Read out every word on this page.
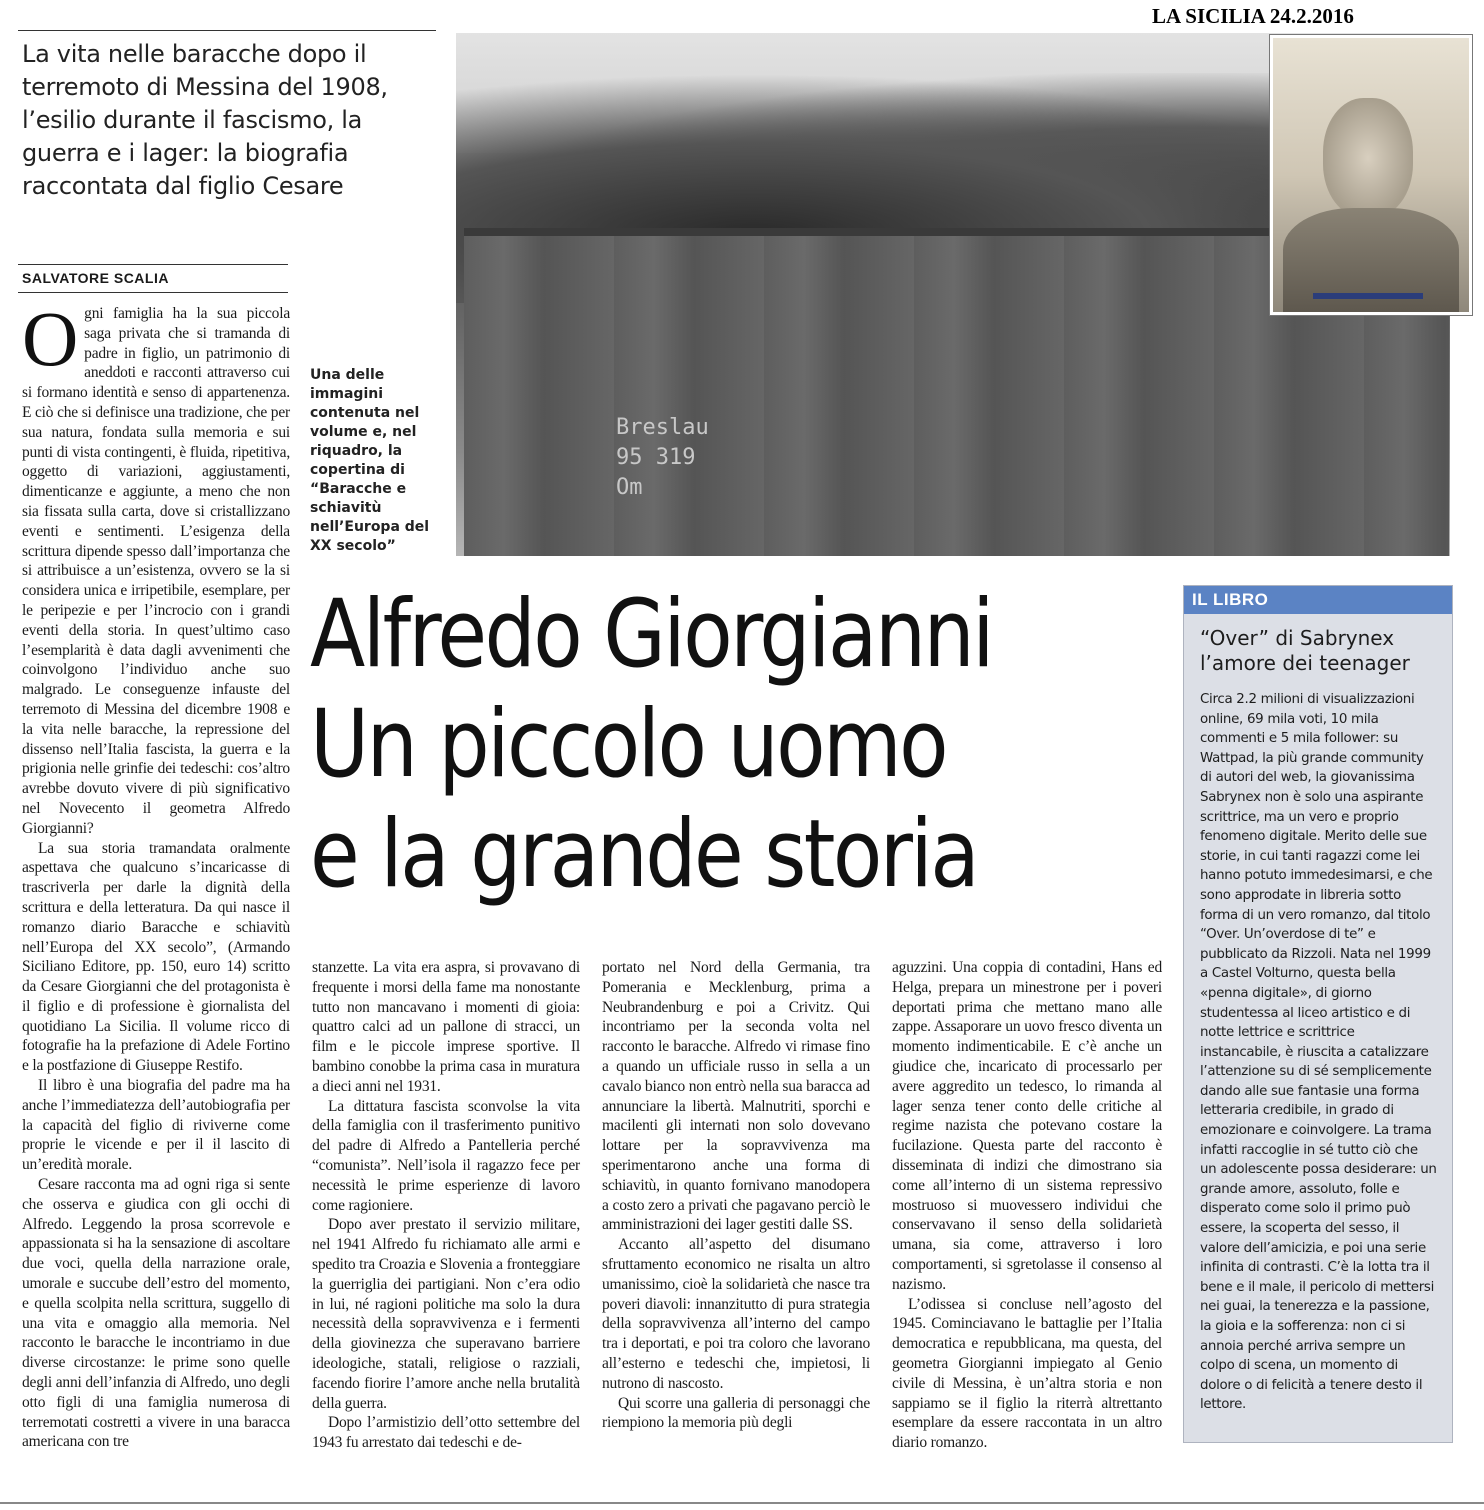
LA SICILIA 24.2.2016
La vita nelle baracche dopo il terremoto di Messina del 1908, l’esilio durante il fascismo, la guerra e i lager: la biografia raccontata dal figlio Cesare
SALVATORE SCALIA
Breslau
95 319
Om
Una delle immagini contenuta nel volume e, nel riquadro, la copertina di “Baracche e schiavitù nell’Europa del XX secolo”
Alfredo Giorgianni
Un piccolo uomo
e la grande storia

Ogni famiglia ha la sua piccola saga privata che si tramanda di padre in figlio, un patrimonio di aneddoti e racconti attraverso cui si formano identità e senso di appartenenza. E ciò che si definisce una tradizione, che per sua natura, fondata sulla memoria e sui punti di vista contingenti, è fluida, ripetitiva, oggetto di variazioni, aggiustamenti, dimenticanze e aggiunte, a meno che non sia fissata sulla carta, dove si cristallizzano eventi e sentimenti. L’esigenza della scrittura dipende spesso dall’importanza che si attribuisce a un’esistenza, ovvero se la si considera unica e irripetibile, esemplare, per le peripezie e per l’incrocio con i grandi eventi della storia. In quest’ultimo caso l’esemplarità è data dagli avvenimenti che coinvolgono l’individuo anche suo malgrado. Le conseguenze infauste del terremoto di Messina del dicembre 1908 e la vita nelle baracche, la repressione del dissenso nell’Italia fascista, la guerra e la prigionia nelle grinfie dei tedeschi: cos’altro avrebbe dovuto vivere di più significativo nel Novecento il geometra Alfredo Giorgianni?

La sua storia tramandata oralmente aspettava che qualcuno s’incaricasse di trascriverla per darle la dignità della scrittura e della letteratura. Da qui nasce il romanzo diario Baracche e schiavitù nell’Europa del XX secolo”, (Armando Siciliano Editore, pp. 150, euro 14) scritto da Cesare Giorgianni che del protagonista è il figlio e di professione è giornalista del quotidiano La Sicilia. Il volume ricco di fotografie ha la prefazione di Adele Fortino e la postfazione di Giuseppe Restifo.

Il libro è una biografia del padre ma ha anche l’immediatezza dell’autobiografia per la capacità del figlio di riviverne come proprie le vicende e per il il lascito di un’eredità morale.

Cesare racconta ma ad ogni riga si sente che osserva e giudica con gli occhi di Alfredo. Leggendo la prosa scorrevole e appassionata si ha la sensazione di ascoltare due voci, quella della narrazione orale, umorale e succube dell’estro del momento, e quella scolpita nella scrittura, suggello di una vita e omaggio alla memoria. Nel racconto le baracche le incontriamo in due diverse circostanze: le prime sono quelle degli anni dell’infanzia di Alfredo, uno degli otto figli di una famiglia numerosa di terremotati costretti a vivere in una baracca americana con tre

stanzette. La vita era aspra, si provavano di frequente i morsi della fame ma nonostante tutto non mancavano i momenti di gioia: quattro calci ad un pallone di stracci, un film e le piccole imprese sportive. Il bambino conobbe la prima casa in muratura a dieci anni nel 1931.

La dittatura fascista sconvolse la vita della famiglia con il trasferimento punitivo del padre di Alfredo a Pantelleria perché “comunista”. Nell’isola il ragazzo fece per necessità le prime esperienze di lavoro come ragioniere.

Dopo aver prestato il servizio militare, nel 1941 Alfredo fu richiamato alle armi e spedito tra Croazia e Slovenia a fronteggiare la guerriglia dei partigiani. Non c’era odio in lui, né ragioni politiche ma solo la dura necessità della sopravvivenza e i fermenti della giovinezza che superavano barriere ideologiche, statali, religiose o razziali, facendo fiorire l’amore anche nella brutalità della guerra.

Dopo l’armistizio dell’otto settembre del 1943 fu arrestato dai tedeschi e de-

portato nel Nord della Germania, tra Pomerania e Mecklenburg, prima a Neubrandenburg e poi a Crivitz. Qui incontriamo per la seconda volta nel racconto le baracche. Alfredo vi rimase fino a quando un ufficiale russo in sella a un cavalo bianco non entrò nella sua baracca ad annunciare la libertà. Malnutriti, sporchi e macilenti gli internati non solo dovevano lottare per la sopravvivenza ma sperimentarono anche una forma di schiavitù, in quanto fornivano manodopera a costo zero a privati che pagavano perciò le amministrazioni dei lager gestiti dalle SS.

Accanto all’aspetto del disumano sfruttamento economico ne risalta un altro umanissimo, cioè la solidarietà che nasce tra poveri diavoli: innanzitutto di pura strategia della sopravvivenza all’interno del campo tra i deportati, e poi tra coloro che lavorano all’esterno e tedeschi che, impietosi, li nutrono di nascosto.

Qui scorre una galleria di personaggi che riempiono la memoria più degli

aguzzini. Una coppia di contadini, Hans ed Helga, prepara un minestrone per i poveri deportati prima che mettano mano alle zappe. Assaporare un uovo fresco diventa un momento indimenticabile. E c’è anche un giudice che, incaricato di processarlo per avere aggredito un tedesco, lo rimanda al lager senza tener conto delle critiche al regime nazista che potevano costare la fucilazione. Questa parte del racconto è disseminata di indizi che dimostrano sia come all’interno di un sistema repressivo mostruoso si muovessero individui che conservavano il senso della solidarietà umana, sia come, attraverso i loro comportamenti, si sgretolasse il consenso al nazismo.

L’odissea si concluse nell’agosto del 1945. Cominciavano le battaglie per l’Italia democratica e repubblicana, ma questa, del geometra Giorgianni impiegato al Genio civile di Messina, è un’altra storia e non sappiamo se il figlio la riterrà altrettanto esemplare da essere raccontata in un altro diario romanzo.

IL LIBRO
“Over” di Sabrynex l’amore dei teenager
Circa 2.2 milioni di visualizzazioni online, 69 mila voti, 10 mila commenti e 5 mila follower: su Wattpad, la più grande community di autori del web, la giovanissima Sabrynex non è solo una aspirante scrittrice, ma un vero e proprio fenomeno digitale. Merito delle sue storie, in cui tanti ragazzi come lei hanno potuto immedesimarsi, e che sono approdate in libreria sotto forma di un vero romanzo, dal titolo “Over. Un’overdose di te” e pubblicato da Rizzoli. Nata nel 1999 a Castel Volturno, questa bella «penna digitale», di giorno studentessa al liceo artistico e di notte lettrice e scrittrice instancabile, è riuscita a catalizzare l’attenzione su di sé semplicemente dando alle sue fantasie una forma letteraria credibile, in grado di emozionare e coinvolgere. La trama infatti raccoglie in sé tutto ciò che un adolescente possa desiderare: un grande amore, assoluto, folle e disperato come solo il primo può essere, la scoperta del sesso, il valore dell’amicizia, e poi una serie infinita di contrasti. C’è la lotta tra il bene e il male, il pericolo di mettersi nei guai, la tenerezza e la passione, la gioia e la sofferenza: non ci si annoia perché arriva sempre un colpo di scena, un momento di dolore o di felicità a tenere desto il lettore.
